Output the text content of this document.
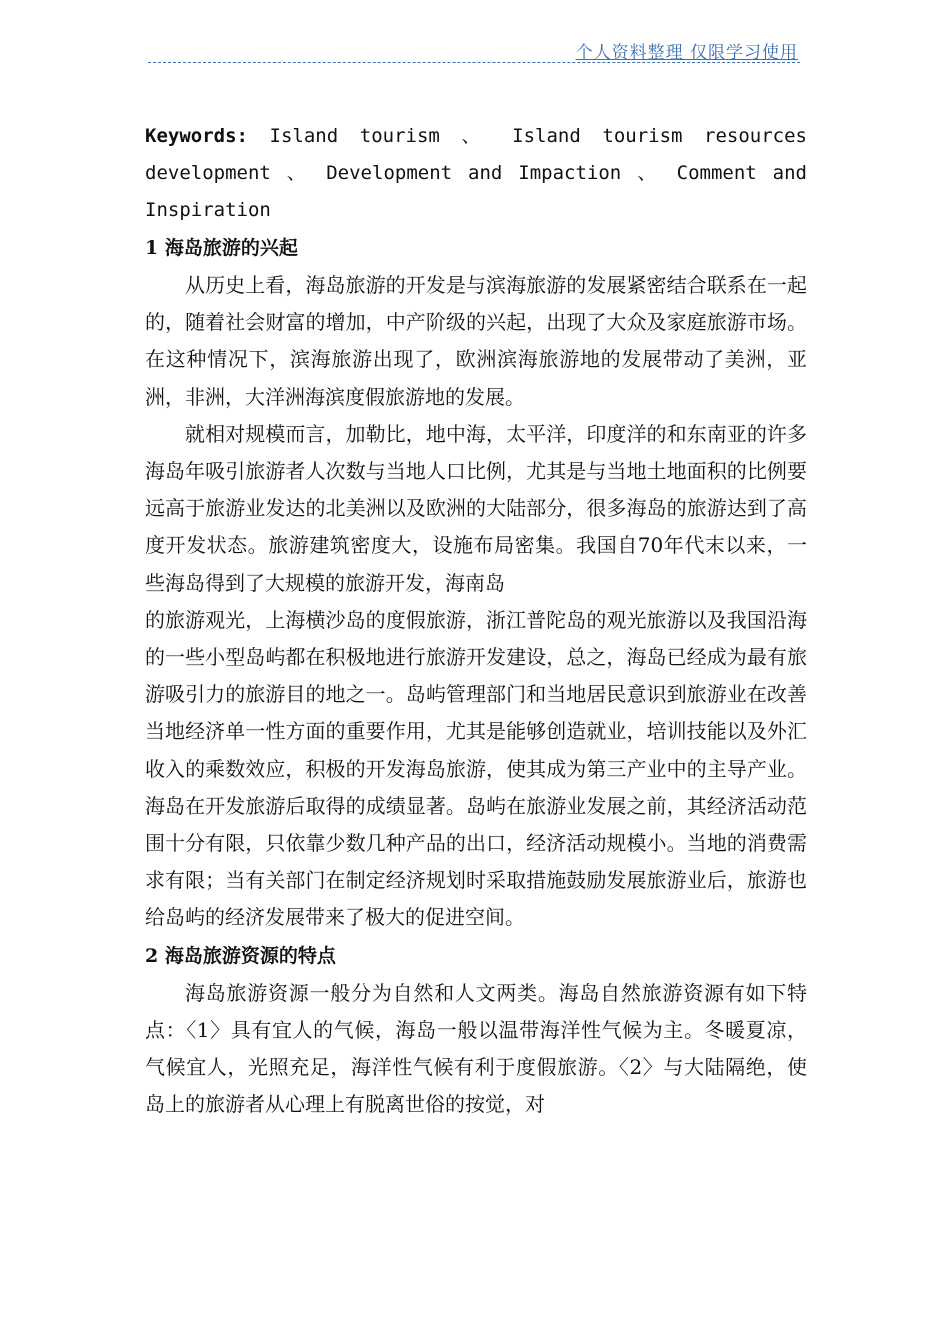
个人资料整理 仅限学习使用

Keywords: Island tourism 、 Island tourism resources development 、 Development and Impaction 、 Comment and Inspiration

1 海岛旅游的兴起

从历史上看，海岛旅游的开发是与滨海旅游的发展紧密结合联系在一起的，随着社会财富的增加，中产阶级的兴起，出现了大众及家庭旅游市场。在这种情况下，滨海旅游出现了，欧洲滨海旅游地的发展带动了美洲，亚洲，非洲，大洋洲海滨度假旅游地的发展。

就相对规模而言，加勒比，地中海，太平洋，印度洋的和东南亚的许多海岛年吸引旅游者人次数与当地人口比例，尤其是与当地土地面积的比例要远高于旅游业发达的北美洲以及欧洲的大陆部分，很多海岛的旅游达到了高度开发状态。旅游建筑密度大，设施布局密集。我国自70年代末以来，一些海岛得到了大规模的旅游开发，海南岛

的旅游观光，上海横沙岛的度假旅游，浙江普陀岛的观光旅游以及我国沿海的一些小型岛屿都在积极地进行旅游开发建设，总之，海岛已经成为最有旅游吸引力的旅游目的地之一。岛屿管理部门和当地居民意识到旅游业在改善当地经济单一性方面的重要作用，尤其是能够创造就业，培训技能以及外汇收入的乘数效应，积极的开发海岛旅游，使其成为第三产业中的主导产业。海岛在开发旅游后取得的成绩显著。岛屿在旅游业发展之前，其经济活动范围十分有限，只依靠少数几种产品的出口，经济活动规模小。当地的消费需求有限；当有关部门在制定经济规划时采取措施鼓励发展旅游业后，旅游也给岛屿的经济发展带来了极大的促进空间。

2 海岛旅游资源的特点

海岛旅游资源一般分为自然和人文两类。海岛自然旅游资源有如下特点：〈1〉具有宜人的气候，海岛一般以温带海洋性气候为主。冬暖夏凉，气候宜人，光照充足，海洋性气候有利于度假旅游。〈2〉与大陆隔绝，使岛上的旅游者从心理上有脱离世俗的按觉，对
